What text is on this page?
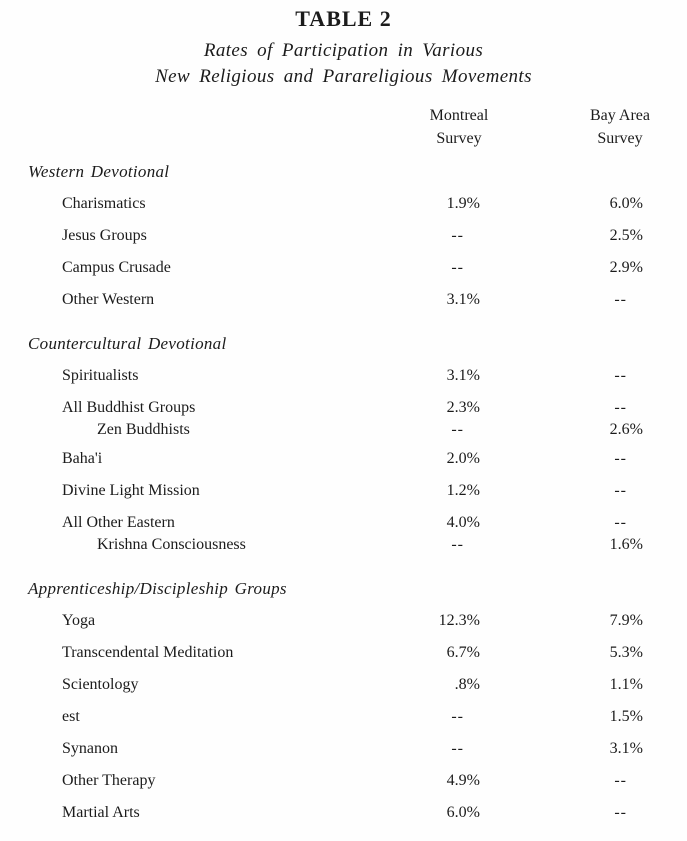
TABLE 2
Rates of Participation in Various
New Religious and Parareligious Movements
Montreal
Survey
Bay Area
Survey
Western Devotional
Charismatics	1.9%	6.0%
Jesus Groups	--	2.5%
Campus Crusade	--	2.9%
Other Western	3.1%	--
Countercultural Devotional
Spiritualists	3.1%	--
All Buddhist Groups	2.3%	--
Zen Buddhists	--	2.6%
Baha'i	2.0%	--
Divine Light Mission	1.2%	--
All Other Eastern	4.0%	--
Krishna Consciousness	--	1.6%
Apprenticeship/Discipleship Groups
Yoga	12.3%	7.9%
Transcendental Meditation	6.7%	5.3%
Scientology	.8%	1.1%
est	--	1.5%
Synanon	--	3.1%
Other Therapy	4.9%	--
Martial Arts	6.0%	--
